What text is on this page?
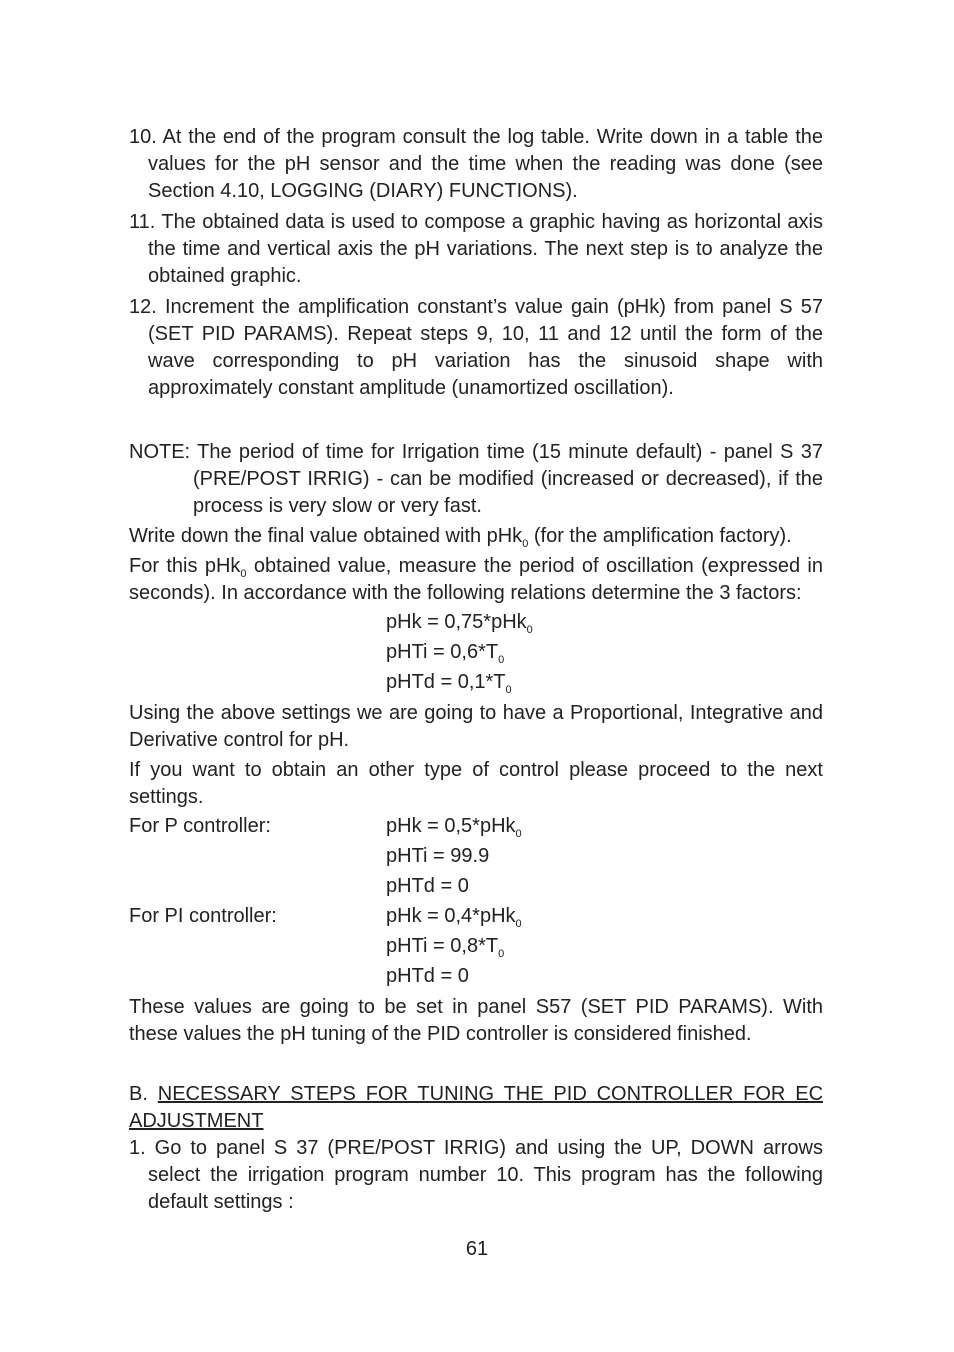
10. At the end of the program consult the log table. Write down in a table the values for the pH sensor and the time when the reading was done (see Section 4.10, LOGGING (DIARY) FUNCTIONS).
11. The obtained data is used to compose a graphic having as horizontal axis the time and vertical axis the pH variations. The next step is to analyze the obtained graphic.
12. Increment the amplification constant’s value gain (pHk) from panel S 57 (SET PID PARAMS). Repeat steps 9, 10, 11 and 12 until the form of the wave corresponding to pH variation has the sinusoid shape with approximately constant amplitude (unamortized oscillation).
NOTE: The period of time for Irrigation time (15 minute default) - panel S 37 (PRE/POST IRRIG) - can be modified (increased or decreased), if the process is very slow or very fast.

Write down the final value obtained with pHk$_0$ (for the amplification factory).

For this pHk$_0$ obtained value, measure the period of oscillation (expressed in seconds). In accordance with the following relations determine the 3 factors:

pHk = 0,75*pHk$_0$
pHTi = $0,6*T_0$
pHTd = $0,1*T_0$

Using the above settings we are going to have a Proportional, Integrative and Derivative control for pH.

If you want to obtain an other type of control please proceed to the next settings.

For P controller:	pHk = 0,5*pHk$_0$
pHTi = 99.9
pHTd = 0
For PI controller:	pHk = 0,4*pHk$_0$
pHTi = $0,8*T_0$
pHTd = 0

These values are going to be set in panel S57 (SET PID PARAMS). With these values the pH tuning of the PID controller is considered finished.

B. NECESSARY STEPS FOR TUNING THE PID CONTROLLER FOR EC ADJUSTMENT
1. Go to panel S 37 (PRE/POST IRRIG) and using the UP, DOWN arrows select the irrigation program number 10. This program has the following default settings :
61
